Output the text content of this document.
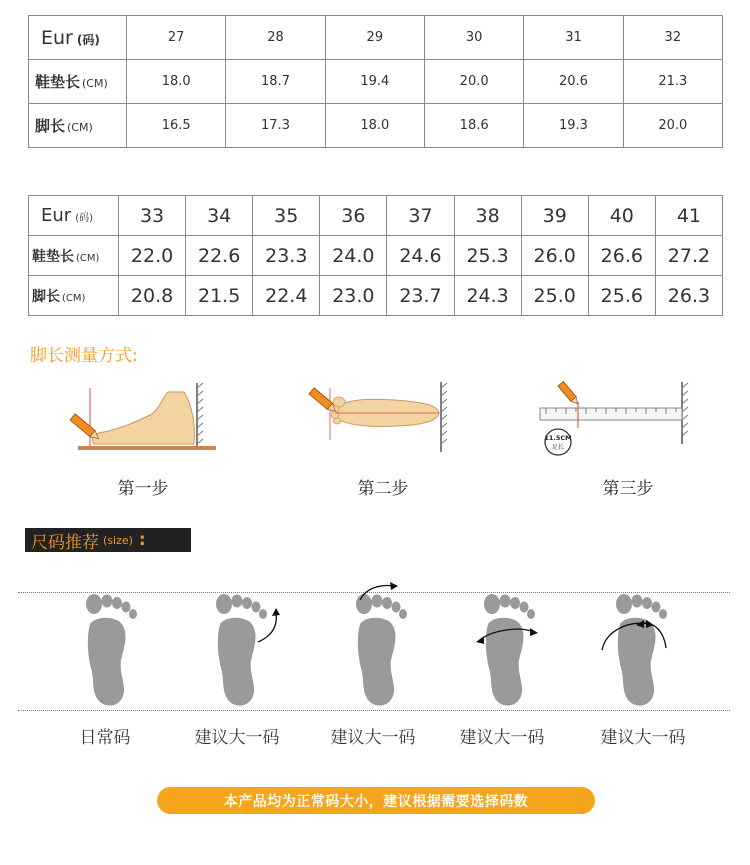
Eur (码)	27	28	29	30	31	32
鞋垫长 (CM)	18.0	18.7	19.4	20.0	20.6	21.3
脚长 (CM)	16.5	17.3	18.0	18.6	19.3	20.0
Eur (码)	33	34	35	36	37	38	39	40	41
鞋垫长 (CM)	22.0	22.6	23.3	24.0	24.6	25.3	26.0	26.6	27.2
脚长 (CM)	20.8	21.5	22.4	23.0	23.7	24.3	25.0	25.6	26.3
脚长测量方式:
第一步	第二步
11.5CM
足长
第三步
尺码推荐 (size) :
日常码	建议大一码	建议大一码	建议大一码	建议大一码
本产品均为正常码大小，建议根据需要选择码数
